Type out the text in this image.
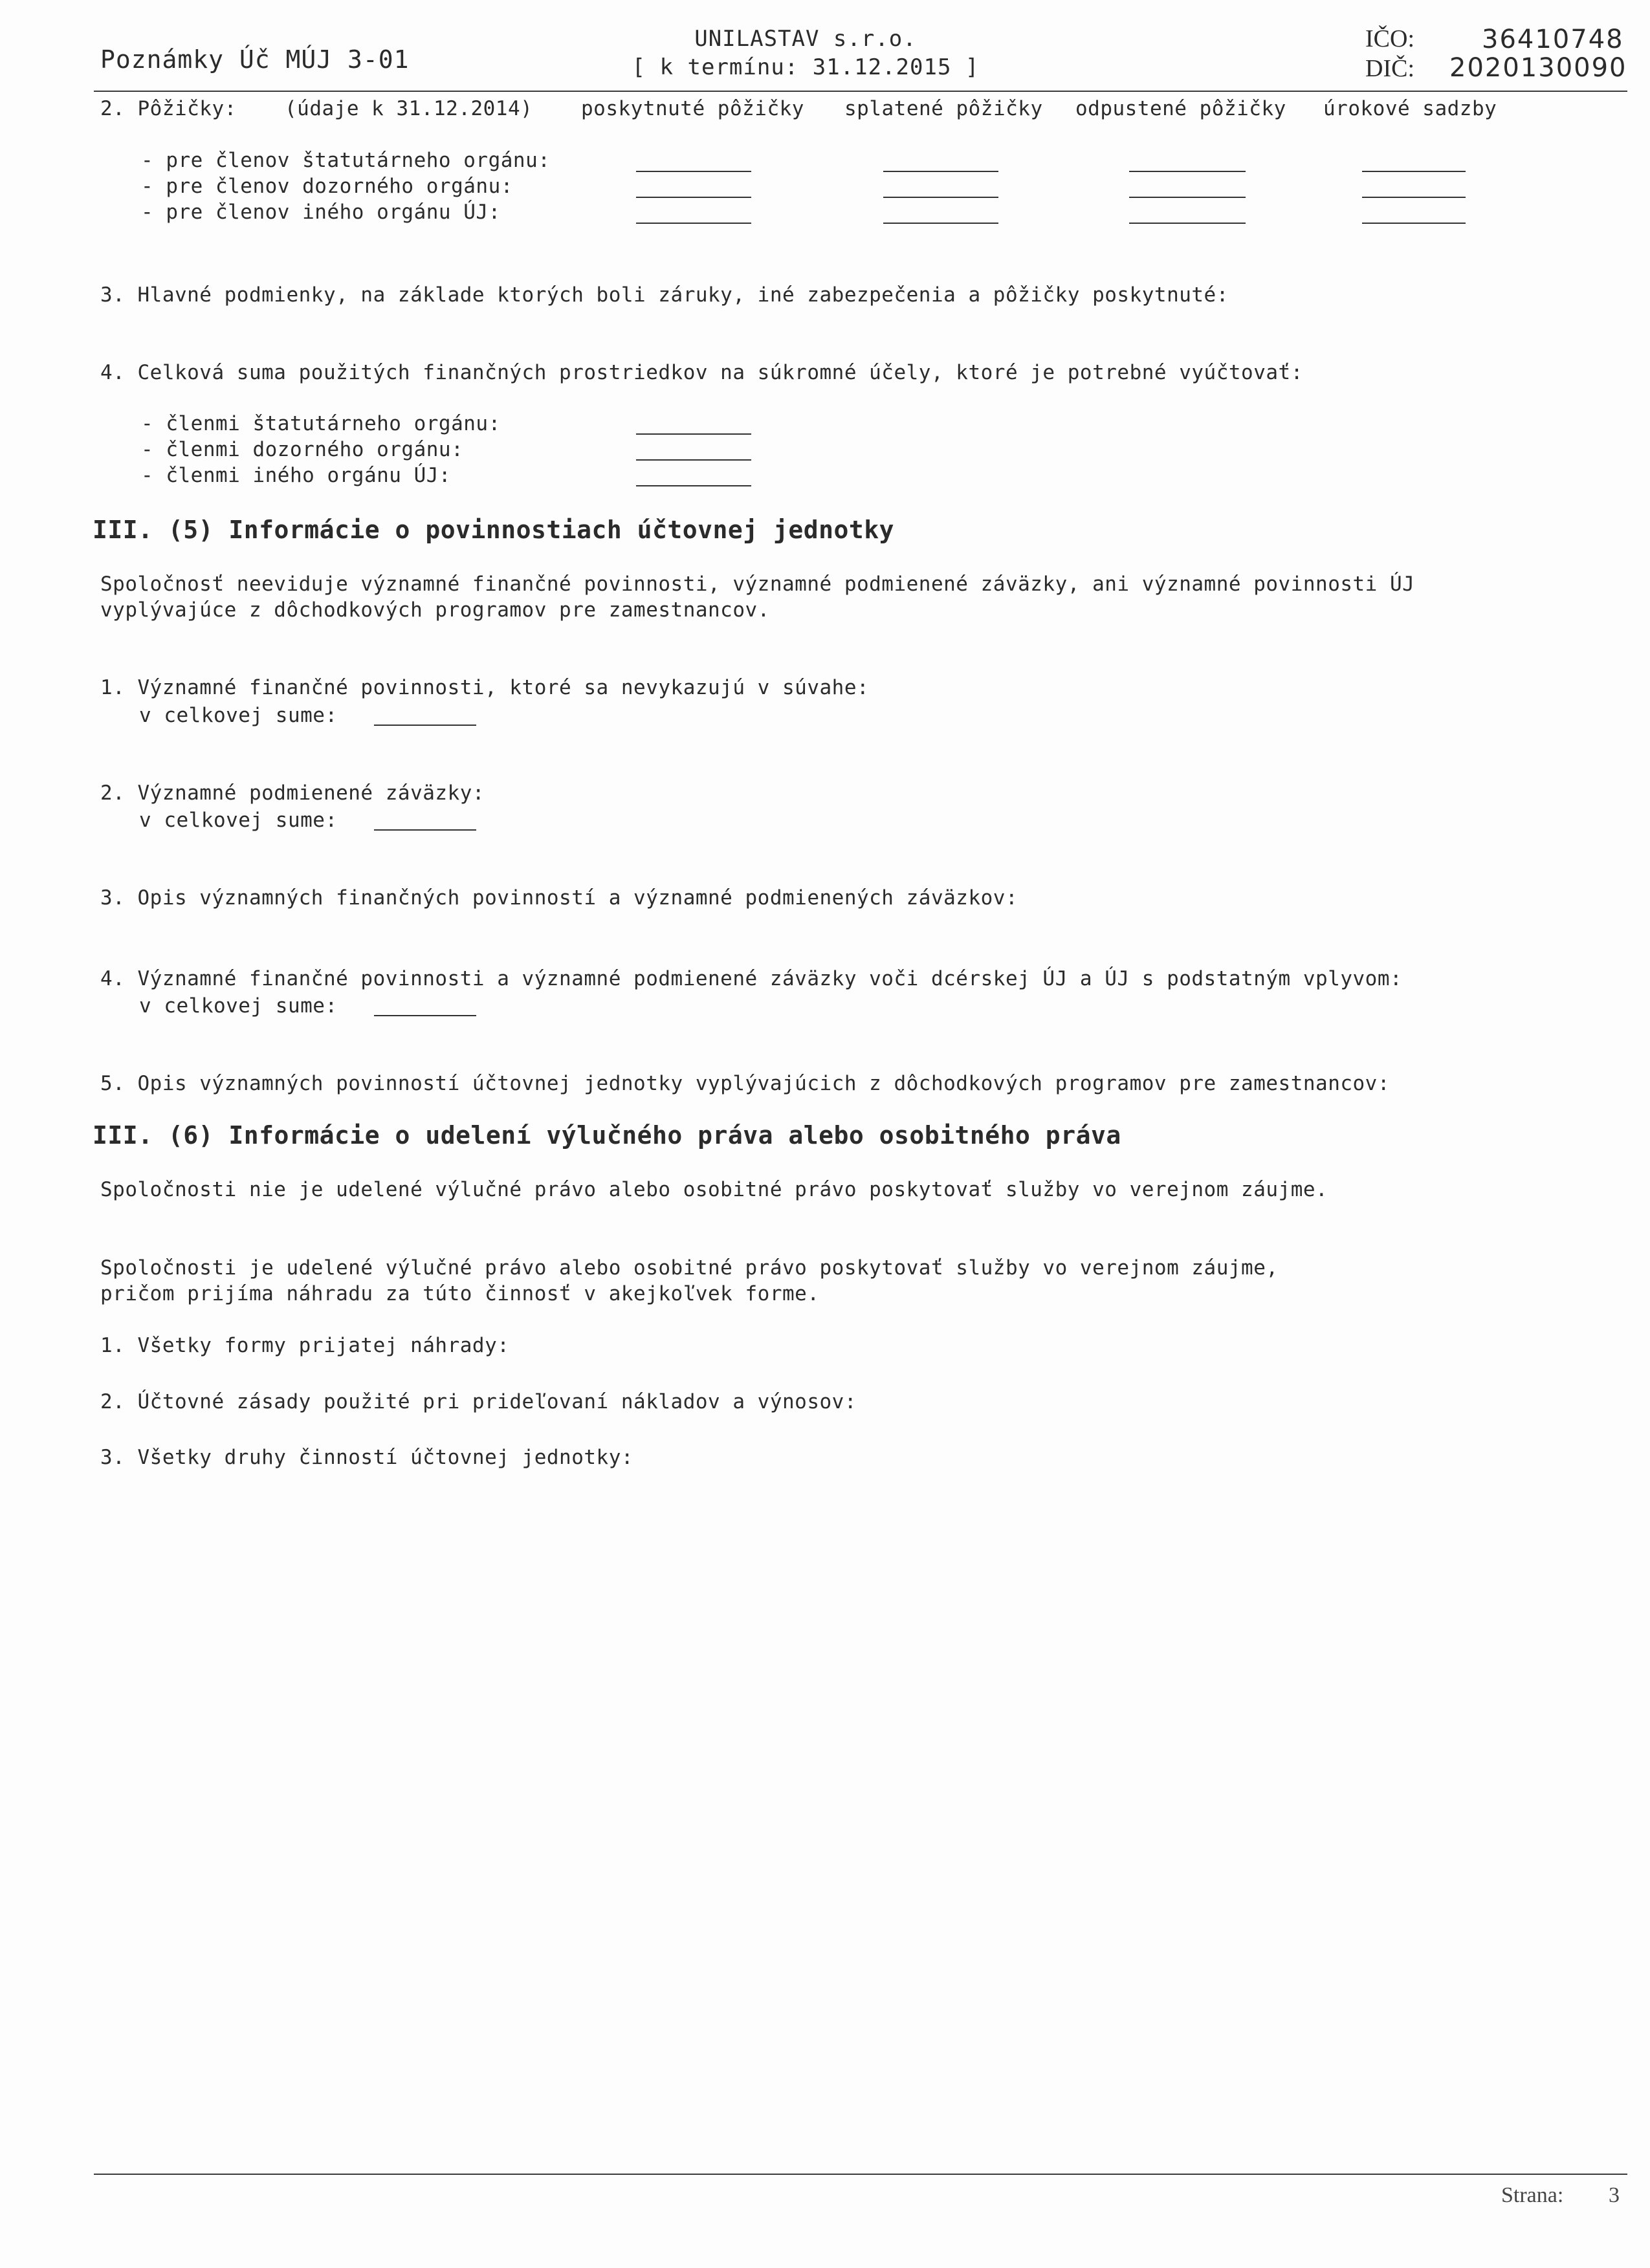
Poznámky Úč MÚJ 3-01
UNILASTAV s.r.o.
[ k termínu: 31.12.2015 ]
IČO:	36410748
DIČ: 2020130090
2. Pôžičky: (údaje k 31.12.2014) poskytnuté pôžičky splatené pôžičky odpustené pôžičky úrokové sadzby
- pre členov štatutárneho orgánu:
- pre členov dozorného orgánu:
- pre členov iného orgánu ÚJ:
3. Hlavné podmienky, na základe ktorých boli záruky, iné zabezpečenia a pôžičky poskytnuté:
4. Celková suma použitých finančných prostriedkov na súkromné účely, ktoré je potrebné vyúčtovať:
- členmi štatutárneho orgánu:
- členmi dozorného orgánu:
- členmi iného orgánu ÚJ:
III. (5) Informácie o povinnostiach účtovnej jednotky
Spoločnosť neeviduje významné finančné povinnosti, významné podmienené záväzky, ani významné povinnosti ÚJ
vyplývajúce z dôchodkových programov pre zamestnancov.
1. Významné finančné povinnosti, ktoré sa nevykazujú v súvahe:
v celkovej sume:
2. Významné podmienené záväzky:
v celkovej sume:
3. Opis významných finančných povinností a významné podmienených záväzkov:
4. Významné finančné povinnosti a významné podmienené záväzky voči dcérskej ÚJ a ÚJ s podstatným vplyvom:
v celkovej sume:
5. Opis významných povinností účtovnej jednotky vyplývajúcich z dôchodkových programov pre zamestnancov:
III. (6) Informácie o udelení výlučného práva alebo osobitného práva
Spoločnosti nie je udelené výlučné právo alebo osobitné právo poskytovať služby vo verejnom záujme.
Spoločnosti je udelené výlučné právo alebo osobitné právo poskytovať služby vo verejnom záujme,
pričom prijíma náhradu za túto činnosť v akejkoľvek forme.
1. Všetky formy prijatej náhrady:
2. Účtovné zásady použité pri prideľovaní nákladov a výnosov:
3. Všetky druhy činností účtovnej jednotky:
Strana: 3
